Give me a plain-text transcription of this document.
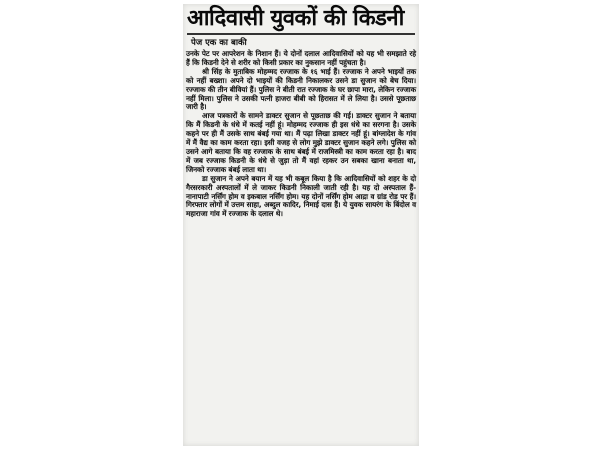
आदिवासी युवकों की किडनी
पेज एक का बाकी

उनके पेट पर आपरेशन के निशान हैं। ये दोनों दलाल आदिवासियों को यह भी समझाते रहे हैं कि किडनी देने से शरीर को किसी प्रकार का नुकसान नहीं पहुंचता है।

श्री सिंह के मुताबिक मोहम्मद रज्जाक के १६ भाई हैं। रज्जाक ने अपने भाइयों तक को नहीं बख्शा। अपने दो भाइयों की किडनी निकालकर उसने डा सुजान को बेच दिया। रज्जाक की तीन बीवियां हैं। पुलिस ने बीती रात रज्जाक के घर छापा मारा, लेकिन रज्जाक नहीं मिला। पुलिस ने उसकी पत्नी हाजरा बीबी को हिरासत में ले लिया है। उससे पूछताछ जारी है।

आज पत्रकारों के सामने डाक्टर सुजान से पूछताछ की गई। डाक्टर सुजान ने बताया कि मैं किडनी के धंधे में कतई नहीं हूं। मोहम्मद रज्जाक ही इस धंधे का सरगना है। उसके कहने पर ही मैं उसके साथ बंबई गया था। मैं पढ़ा लिखा डाक्टर नहीं हूं। बांग्लादेश के गांव में मैं वैद्य का काम करता रहा। इसी वजह से लोग मुझे डाक्टर सुजान कहने लगे। पुलिस को उसने आगे बताया कि वह रज्जाक के साथ बंबई में राजमिस्त्री का काम करता रहा है। बाद में जब रज्जाक किडनी के धंधे से जुड़ा तो मैं वहां रहकर उन सबका खाना बनाता था, जिनको रज्जाक बंबई लाता था।

डा सुजान ने अपने बयान में यह भी कबूल किया है कि आदिवासियों को शहर के दो गैरसरकारी अस्पतालों में ले जाकर किडनी निकाली जाती रही है। यह दो अस्पताल हैं- नानापाटी नर्सिंग होम व इकबाल नर्सिंग होम। यह दोनों नर्सिंग होम आद्रा व ग्रांड रोड पर हैं। गिरफ्तार लोगों में उत्तम साहा, अब्दुल कादिर, निमाई दास हैं। ये युवक सायरंग के बिंदोल व महाराजा गांव में रज्जाक के दलाल थे।
